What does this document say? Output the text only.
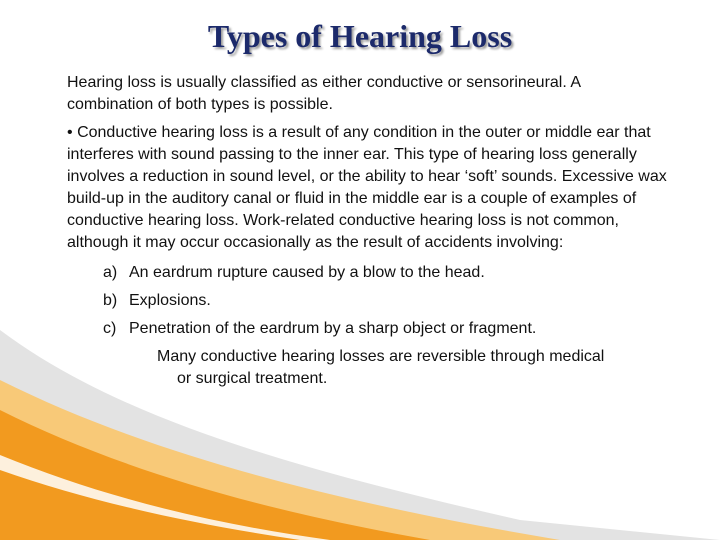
Types of Hearing Loss

Hearing loss is usually classified as either conductive or sensorineural. A combination of both types is possible.

• Conductive hearing loss is a result of any condition in the outer or middle ear that interferes with sound passing to the inner ear. This type of hearing loss generally involves a reduction in sound level, or the ability to hear ‘soft’ sounds. Excessive wax build-up in the auditory canal or fluid in the middle ear is a couple of examples of conductive hearing loss. Work-related conductive hearing loss is not common, although it may occur occasionally as the result of accidents involving:

a) An eardrum rupture caused by a blow to the head.
b) Explosions.
c) Penetration of the eardrum by a sharp object or fragment.

Many conductive hearing losses are reversible through medical
or surgical treatment.
